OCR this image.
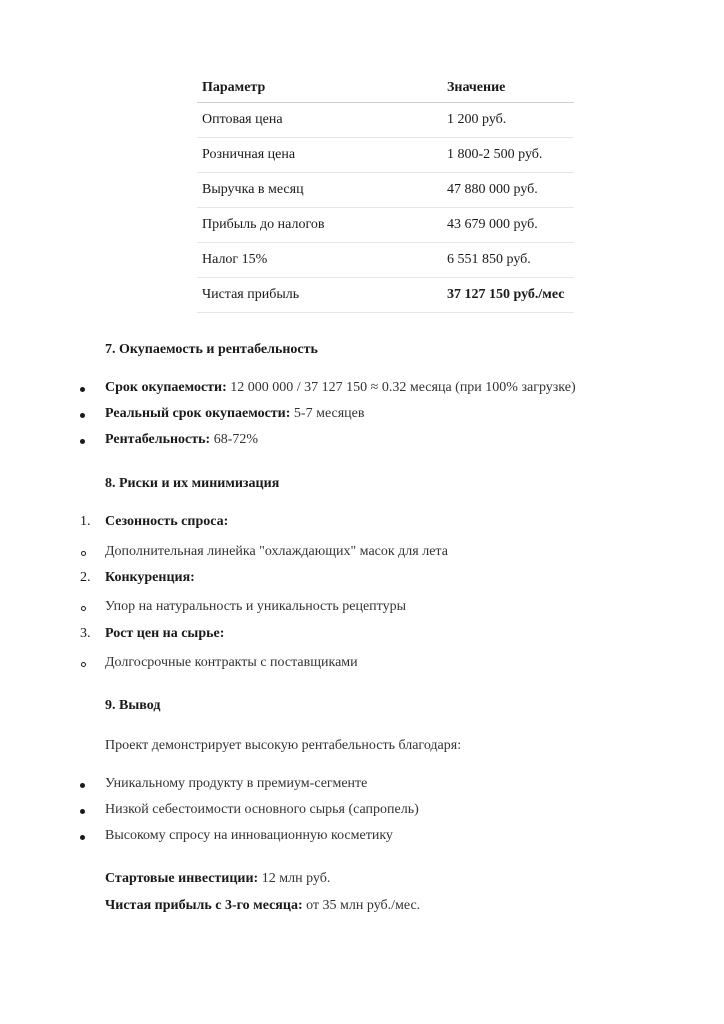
Параметр	Значение
Оптовая цена	1 200 руб.
Розничная цена	1 800-2 500 руб.
Выручка в месяц	47 880 000 руб.
Прибыль до налогов	43 679 000 руб.
Налог 15%	6 551 850 руб.
Чистая прибыль	37 127 150 руб./мес
7. Окупаемость и рентабельность
Срок окупаемости: 12 000 000 / 37 127 150 ≈ 0.32 месяца (при 100% загрузке)
Реальный срок окупаемости: 5-7 месяцев
Рентабельность: 68-72%
8. Риски и их минимизация
1. Сезонность спроса:
Дополнительная линейка "охлаждающих" масок для лета
2. Конкуренция:
Упор на натуральность и уникальность рецептуры
3. Рост цен на сырье:
Долгосрочные контракты с поставщиками
9. Вывод
Проект демонстрирует высокую рентабельность благодаря:
Уникальному продукту в премиум-сегменте
Низкой себестоимости основного сырья (сапропель)
Высокому спросу на инновационную косметику
Стартовые инвестиции: 12 млн руб.
Чистая прибыль с 3-го месяца: от 35 млн руб./мес.
